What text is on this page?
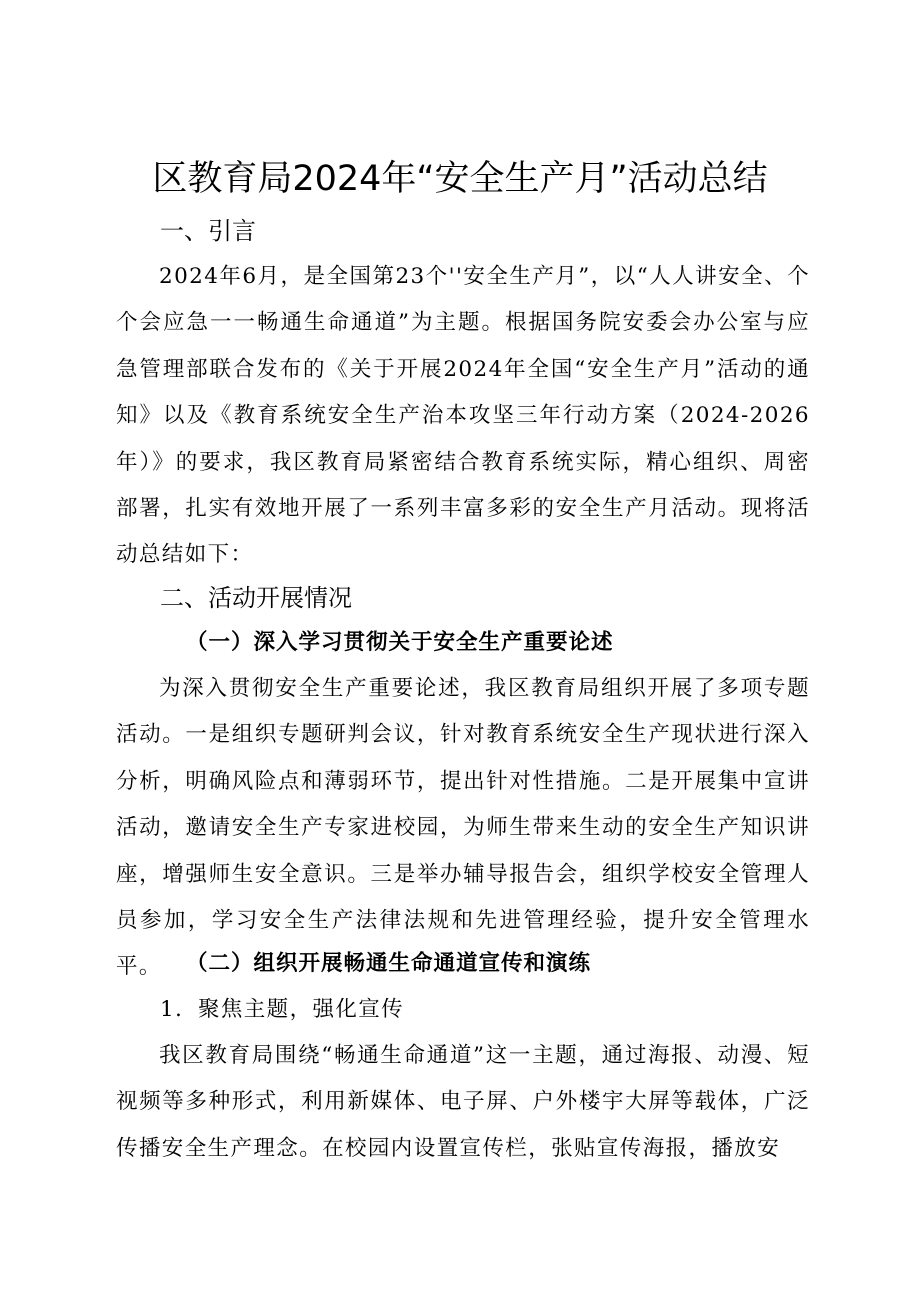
区教育局2024年“安全生产月”活动总结
一、引言

2024年6月，是全国第23个''安全生产月”，以“人人讲安全、个个会应急一一畅通生命通道”为主题。根据国务院安委会办公室与应急管理部联合发布的《关于开展2024年全国“安全生产月”活动的通知》以及《教育系统安全生产治本攻坚三年行动方案（2024-2026年）》的要求，我区教育局紧密结合教育系统实际，精心组织、周密部署，扎实有效地开展了一系列丰富多彩的安全生产月活动。现将活动总结如下：

二、活动开展情况
（一）深入学习贯彻关于安全生产重要论述

为深入贯彻安全生产重要论述，我区教育局组织开展了多项专题活动。一是组织专题研判会议，针对教育系统安全生产现状进行深入分析，明确风险点和薄弱环节，提出针对性措施。二是开展集中宣讲活动，邀请安全生产专家进校园，为师生带来生动的安全生产知识讲座，增强师生安全意识。三是举办辅导报告会，组织学校安全管理人员参加，学习安全生产法律法规和先进管理经验，提升安全管理水平。	（二）组织开展畅通生命通道宣传和演练

1．聚焦主题，强化宣传

我区教育局围绕“畅通生命通道”这一主题，通过海报、动漫、短视频等多种形式，利用新媒体、电子屏、户外楼宇大屏等载体，广泛传播安全生产理念。在校园内设置宣传栏，张贴宣传海报，播放安
